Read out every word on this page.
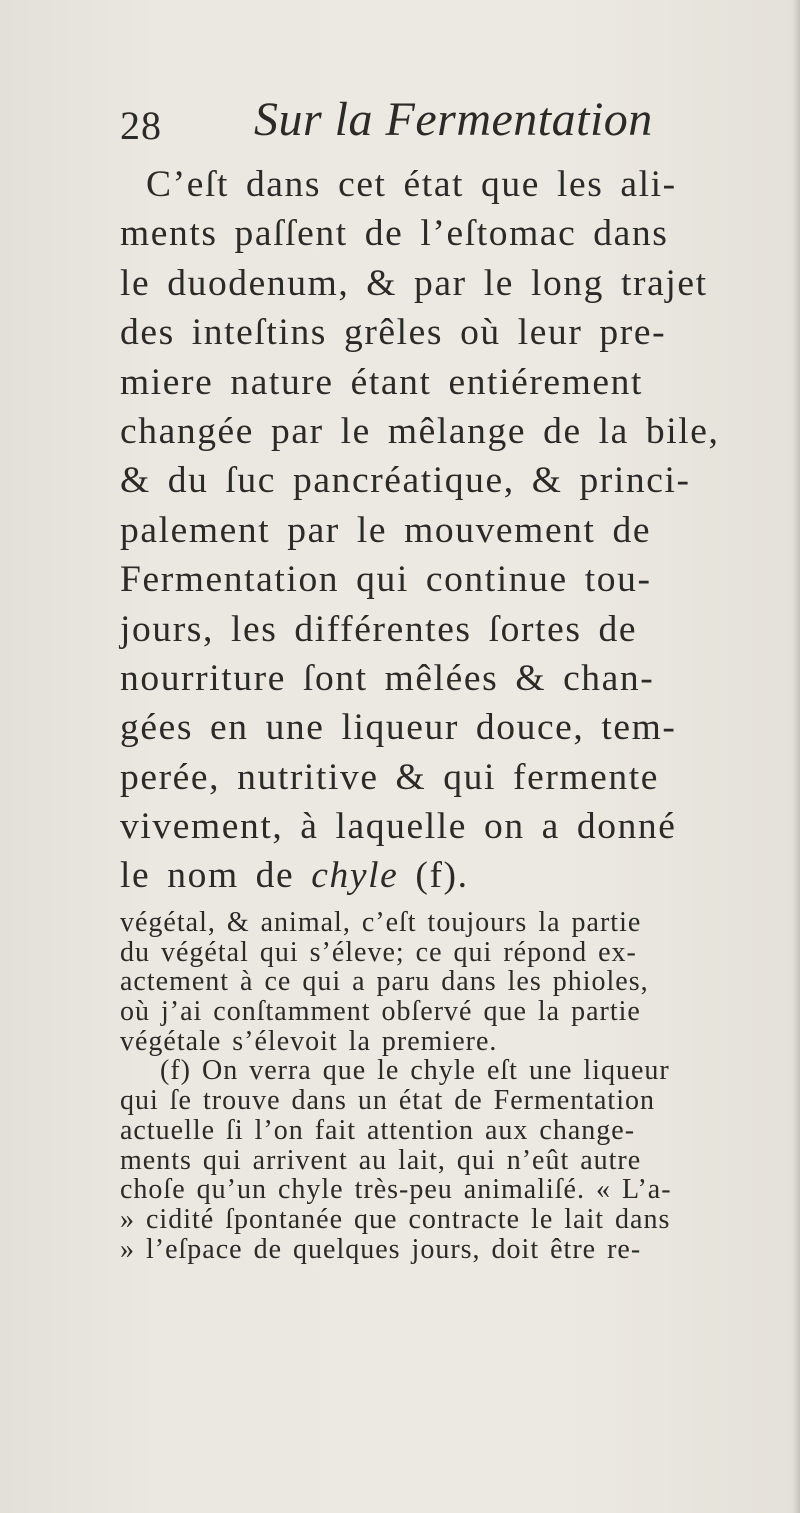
28 Sur la Fermentation
C’eſt dans cet état que les ali-
ments paſſent de l’eſtomac dans
le duodenum, & par le long trajet
des inteſtins grêles où leur pre-
miere nature étant entiérement
changée par le mêlange de la bile,
& du ſuc pancréatique, & princi-
palement par le mouvement de
Fermentation qui continue tou-
jours, les différentes ſortes de
nourriture ſont mêlées & chan-
gées en une liqueur douce, tem-
perée, nutritive & qui fermente
vivement, à laquelle on a donné
le nom de chyle (f).
végétal, & animal, c’eſt toujours la partie
du végétal qui s’éleve; ce qui répond ex-
actement à ce qui a paru dans les phioles,
où j’ai conſtamment obſervé que la partie
végétale s’élevoit la premiere.
(f) On verra que le chyle eſt une liqueur
qui ſe trouve dans un état de Fermentation
actuelle ſi l’on fait attention aux change-
ments qui arrivent au lait, qui n’eût autre
choſe qu’un chyle très-peu animaliſé. « L’a-
» cidité ſpontanée que contracte le lait dans
» l’eſpace de quelques jours, doit être re-
